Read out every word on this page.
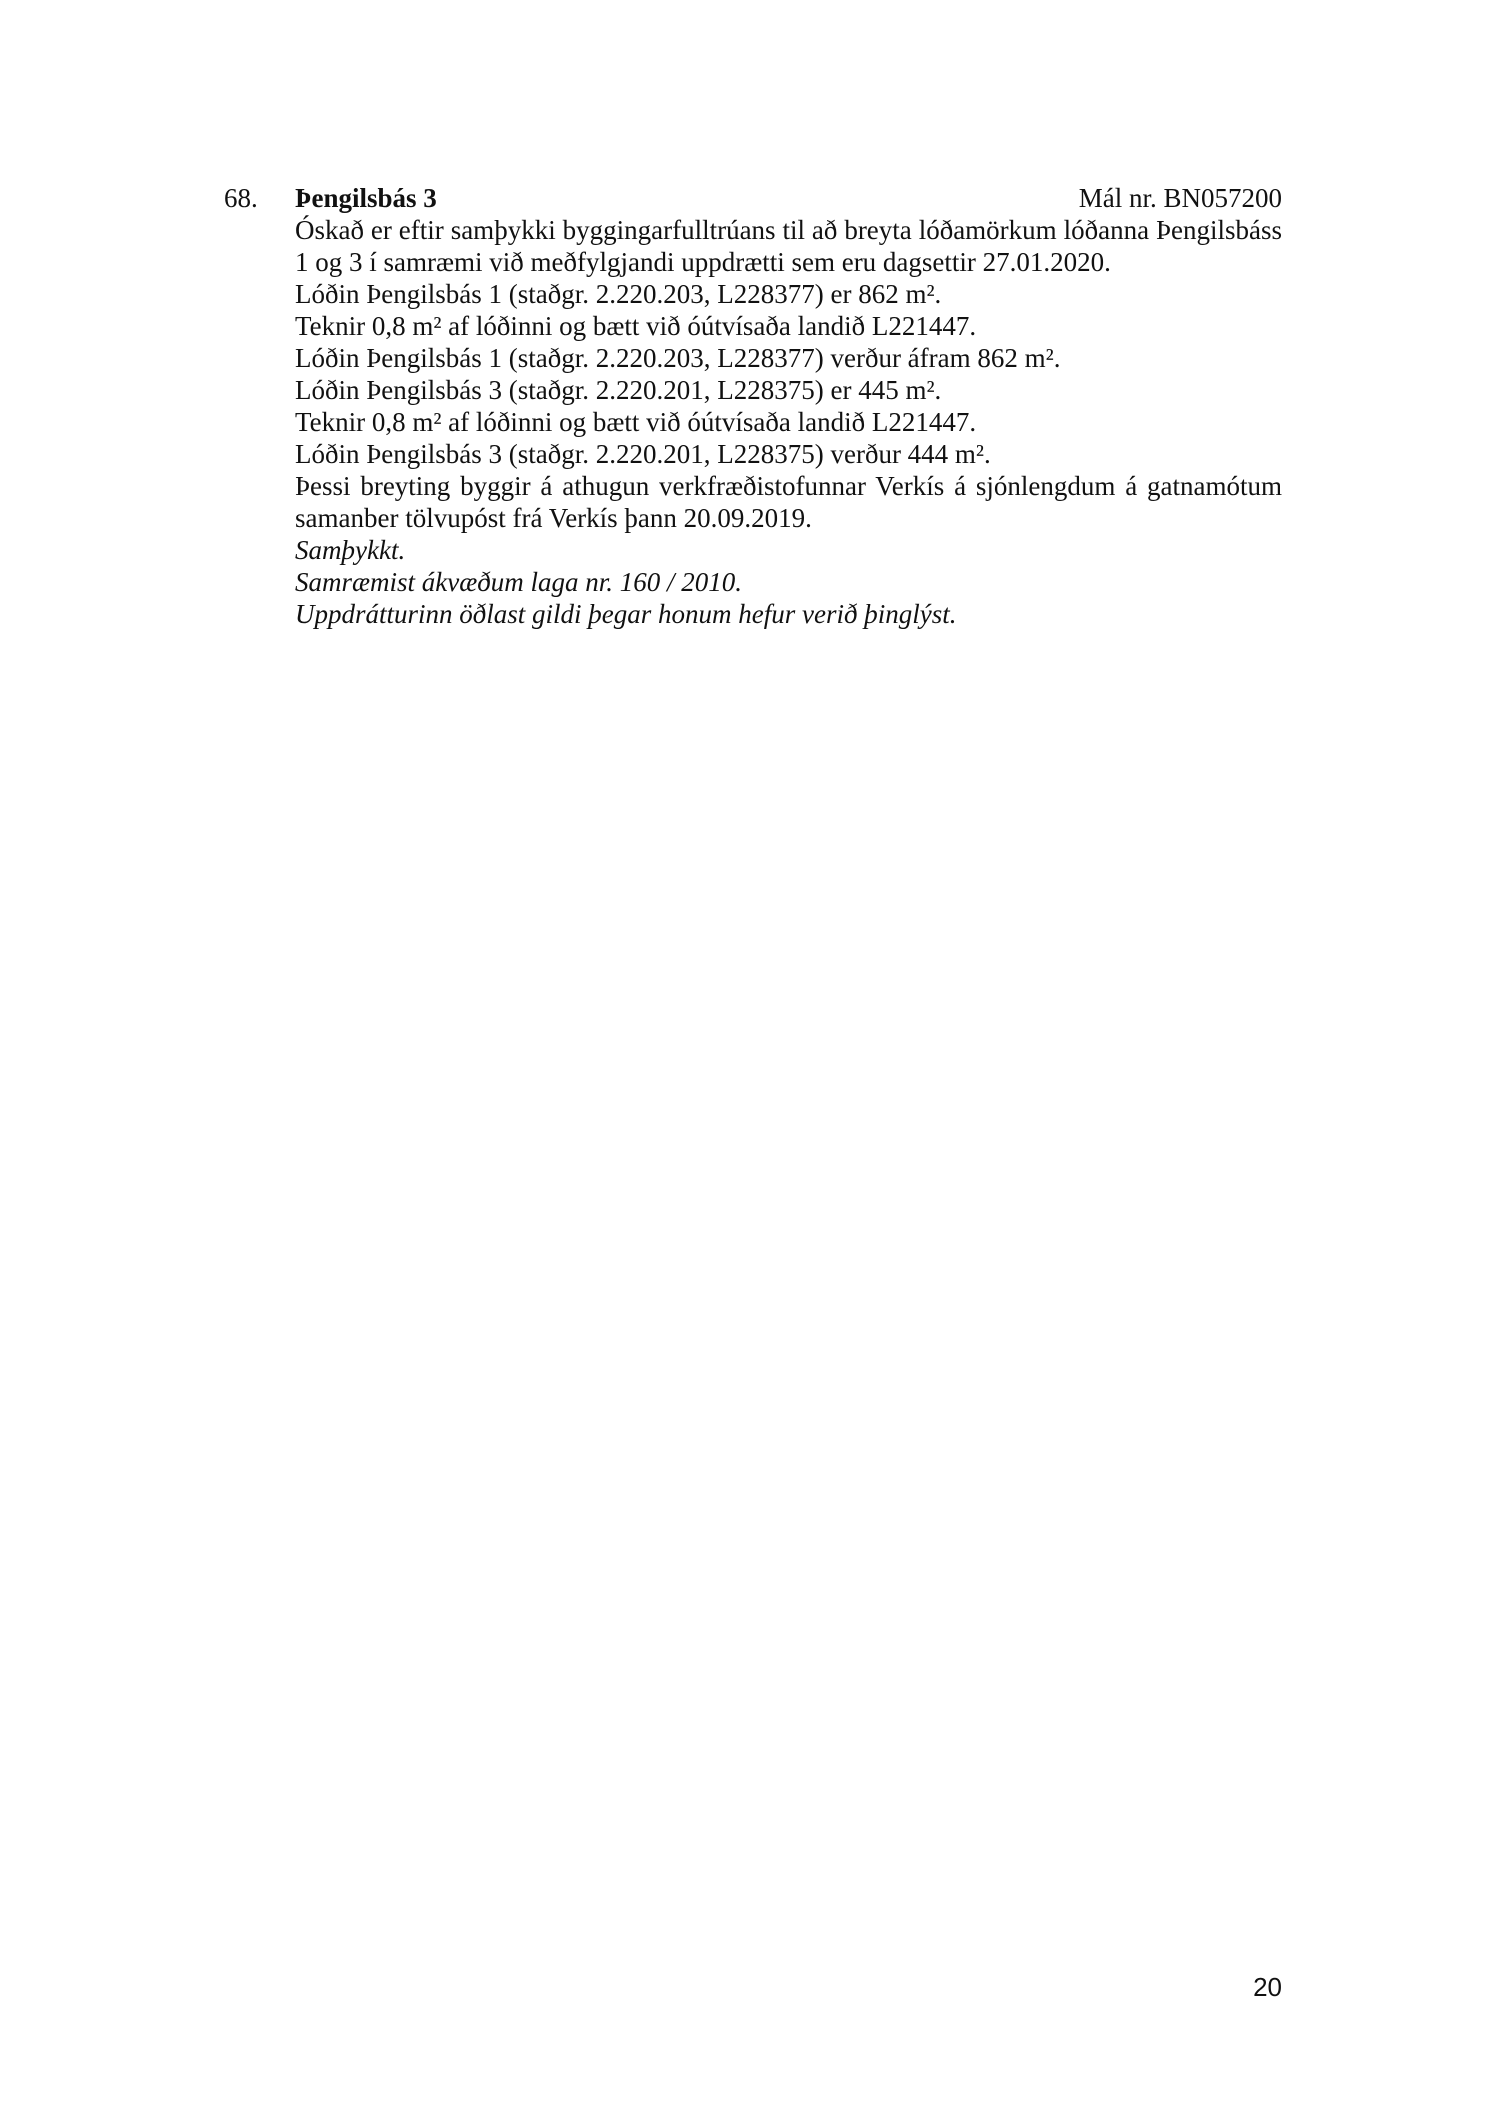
68. Þengilsbás 3	Mál nr. BN057200

Óskað er eftir samþykki byggingarfulltrúans til að breyta lóðamörkum lóðanna Þengilsbáss 1 og 3 í samræmi við meðfylgjandi uppdrætti sem eru dagsettir 27.01.2020.

Lóðin Þengilsbás 1 (staðgr. 2.220.203, L228377) er 862 m².
Teknir 0,8 m² af lóðinni og bætt við óútvísaða landið L221447.
Lóðin Þengilsbás 1 (staðgr. 2.220.203, L228377) verður áfram 862 m².
Lóðin Þengilsbás 3 (staðgr. 2.220.201, L228375) er 445 m².
Teknir 0,8 m² af lóðinni og bætt við óútvísaða landið L221447.
Lóðin Þengilsbás 3 (staðgr. 2.220.201, L228375) verður 444 m².

Þessi breyting byggir á athugun verkfræðistofunnar Verkís á sjónlengdum á gatnamótum samanber tölvupóst frá Verkís þann 20.09.2019.

Samþykkt.
Samræmist ákvæðum laga nr. 160 / 2010.
Uppdrátturinn öðlast gildi þegar honum hefur verið þinglýst.
20
